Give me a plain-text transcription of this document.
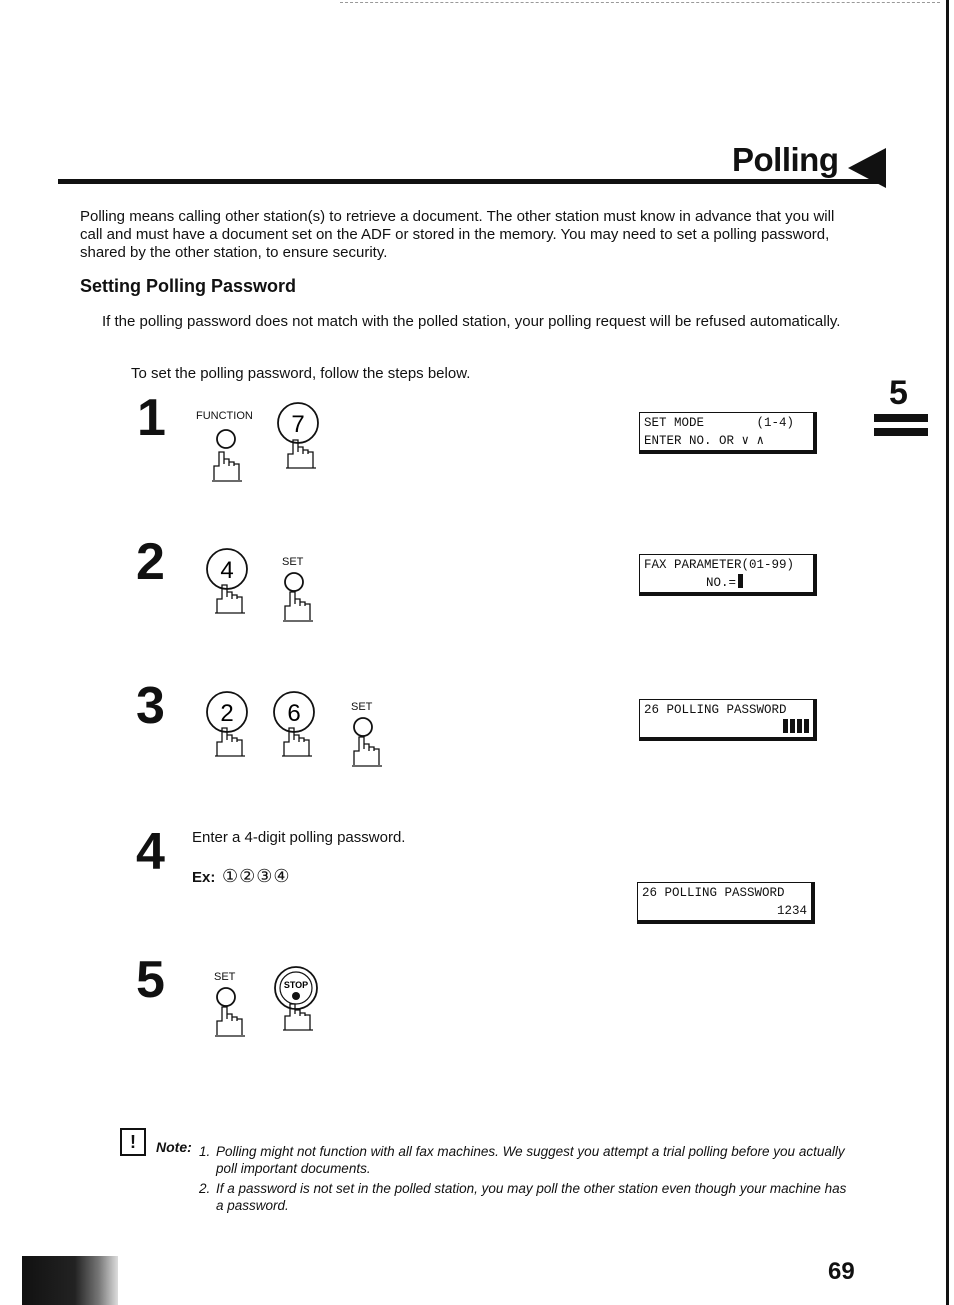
Polling
Polling means calling other station(s) to retrieve a document. The other station must know in advance that you will call and must have a document set on the ADF or stored in the memory. You may need to set a polling password, shared by the other station, to ensure security.
Setting Polling Password
If the polling password does not match with the polled station, your polling request will be refused automatically.
To set the polling password, follow the steps below.
5
1	FUNCTION 7	SET MODE       (1-4)
ENTER NO. OR ∨ ∧
2 4	SET	FAX PARAMETER(01-99)
NO.=
3 2 6	SET	26 POLLING PASSWORD
4 Enter a 4-digit polling password.
Ex: ①②③④
26 POLLING PASSWORD
1234
5	SET
STOP
!	Note: 1. Polling might not function with all fax machines. We suggest you attempt a trial polling before you actually poll important documents.
2. If a password is not set in the polled station, you may poll the other station even though your machine has a password.
69
